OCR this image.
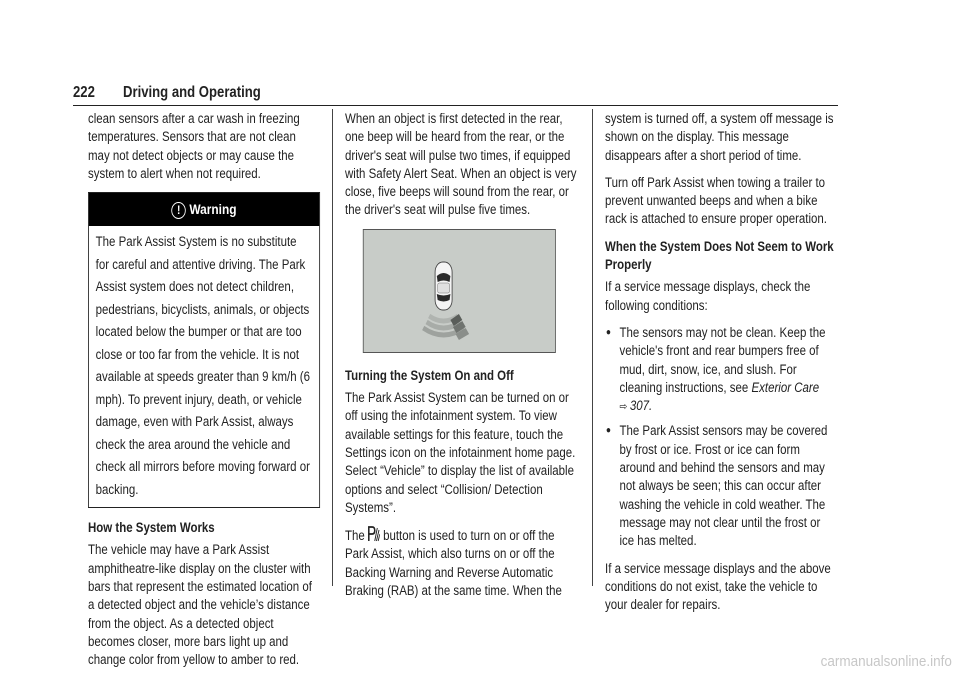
222 Driving and Operating

clean sensors after a car wash in freezing temperatures. Sensors that are not clean may not detect objects or may cause the system to alert when not required.

! Warning
The Park Assist System is no substitute for careful and attentive driving. The Park Assist system does not detect children, pedestrians, bicyclists, animals, or objects located below the bumper or that are too close or too far from the vehicle. It is not available at speeds greater than 9 km/h (6 mph). To prevent injury, death, or vehicle damage, even with Park Assist, always check the area around the vehicle and check all mirrors before moving forward or backing.

How the System Works

The vehicle may have a Park Assist amphitheatre-like display on the cluster with bars that represent the estimated location of a detected object and the vehicle’s distance from the object. As a detected object becomes closer, more bars light up and change color from yellow to amber to red.

When an object is first detected in the rear, one beep will be heard from the rear, or the driver's seat will pulse two times, if equipped with Safety Alert Seat. When an object is very close, five beeps will sound from the rear, or the driver's seat will pulse five times.

Turning the System On and Off

The Park Assist System can be turned on or off using the infotainment system. To view available settings for this feature, touch the Settings icon on the infotainment home page. Select “Vehicle” to display the list of available options and select “Collision/ Detection Systems”.

The button is used to turn on or off the Park Assist, which also turns on or off the Backing Warning and Reverse Automatic Braking (RAB) at the same time. When the

system is turned off, a system off message is shown on the display. This message disappears after a short period of time.

Turn off Park Assist when towing a trailer to prevent unwanted beeps and when a bike rack is attached to ensure proper operation.

When the System Does Not Seem to Work Properly

If a service message displays, check the following conditions:

● The sensors may not be clean. Keep the vehicle's front and rear bumpers free of mud, dirt, snow, ice, and slush. For cleaning instructions, see Exterior Care
⇨ 307.
● The Park Assist sensors may be covered by frost or ice. Frost or ice can form around and behind the sensors and may not always be seen; this can occur after washing the vehicle in cold weather. The message may not clear until the frost or ice has melted.

If a service message displays and the above conditions do not exist, take the vehicle to your dealer for repairs.

carmanualsonline.info
